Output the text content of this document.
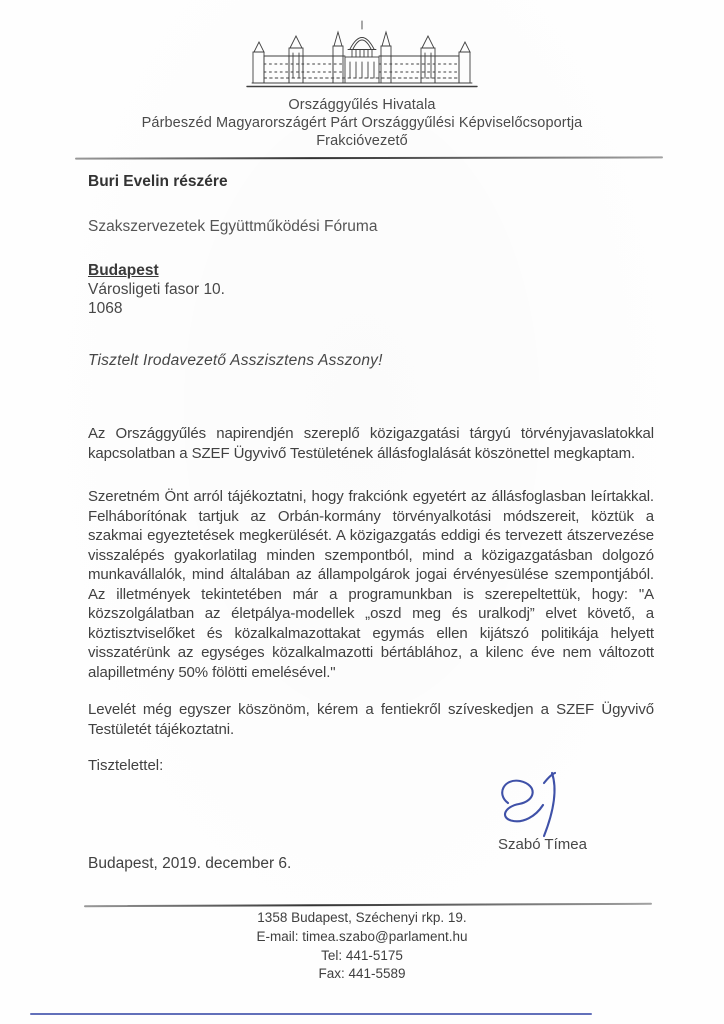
Országgyűlés Hivatala
Párbeszéd Magyarországért Párt Országgyűlési Képviselőcsoportja
Frakcióvezető
Buri Evelin részére
Szakszervezetek Együttműködési Fóruma
Budapest
Városligeti fasor 10.
1068
Tisztelt Irodavezető Asszisztens Asszony!
Az Országgyűlés napirendjén szereplő közigazgatási tárgyú törvényjavaslatokkal kapcsolatban a SZEF Ügyvivő Testületének állásfoglalását köszönettel megkaptam.
Szeretném Önt arról tájékoztatni, hogy frakciónk egyetért az állásfoglasban leírtakkal. Felháborítónak tartjuk az Orbán-kormány törvényalkotási módszereit, köztük a szakmai egyeztetések megkerülését. A közigazgatás eddigi és tervezett átszervezése visszalépés gyakorlatilag minden szempontból, mind a közigazgatásban dolgozó munkavállalók, mind általában az állampolgárok jogai érvényesülése szempontjából. Az illetmények tekintetében már a programunkban is szerepeltettük, hogy: "A közszolgálatban az életpálya-modellek „oszd meg és uralkodj” elvet követő, a köztisztviselőket és közalkalmazottakat egymás ellen kijátszó politikája helyett visszatérünk az egységes közalkalmazotti bértáblához, a kilenc éve nem változott alapilletmény 50% fölötti emelésével."
Levelét még egyszer köszönöm, kérem a fentiekről szíveskedjen a SZEF Ügyvivő Testületét tájékoztatni.
Tisztelettel:
Szabó Tímea
Budapest, 2019. december 6.
1358 Budapest, Széchenyi rkp. 19.
E-mail: timea.szabo@parlament.hu
Tel: 441-5175
Fax: 441-5589
